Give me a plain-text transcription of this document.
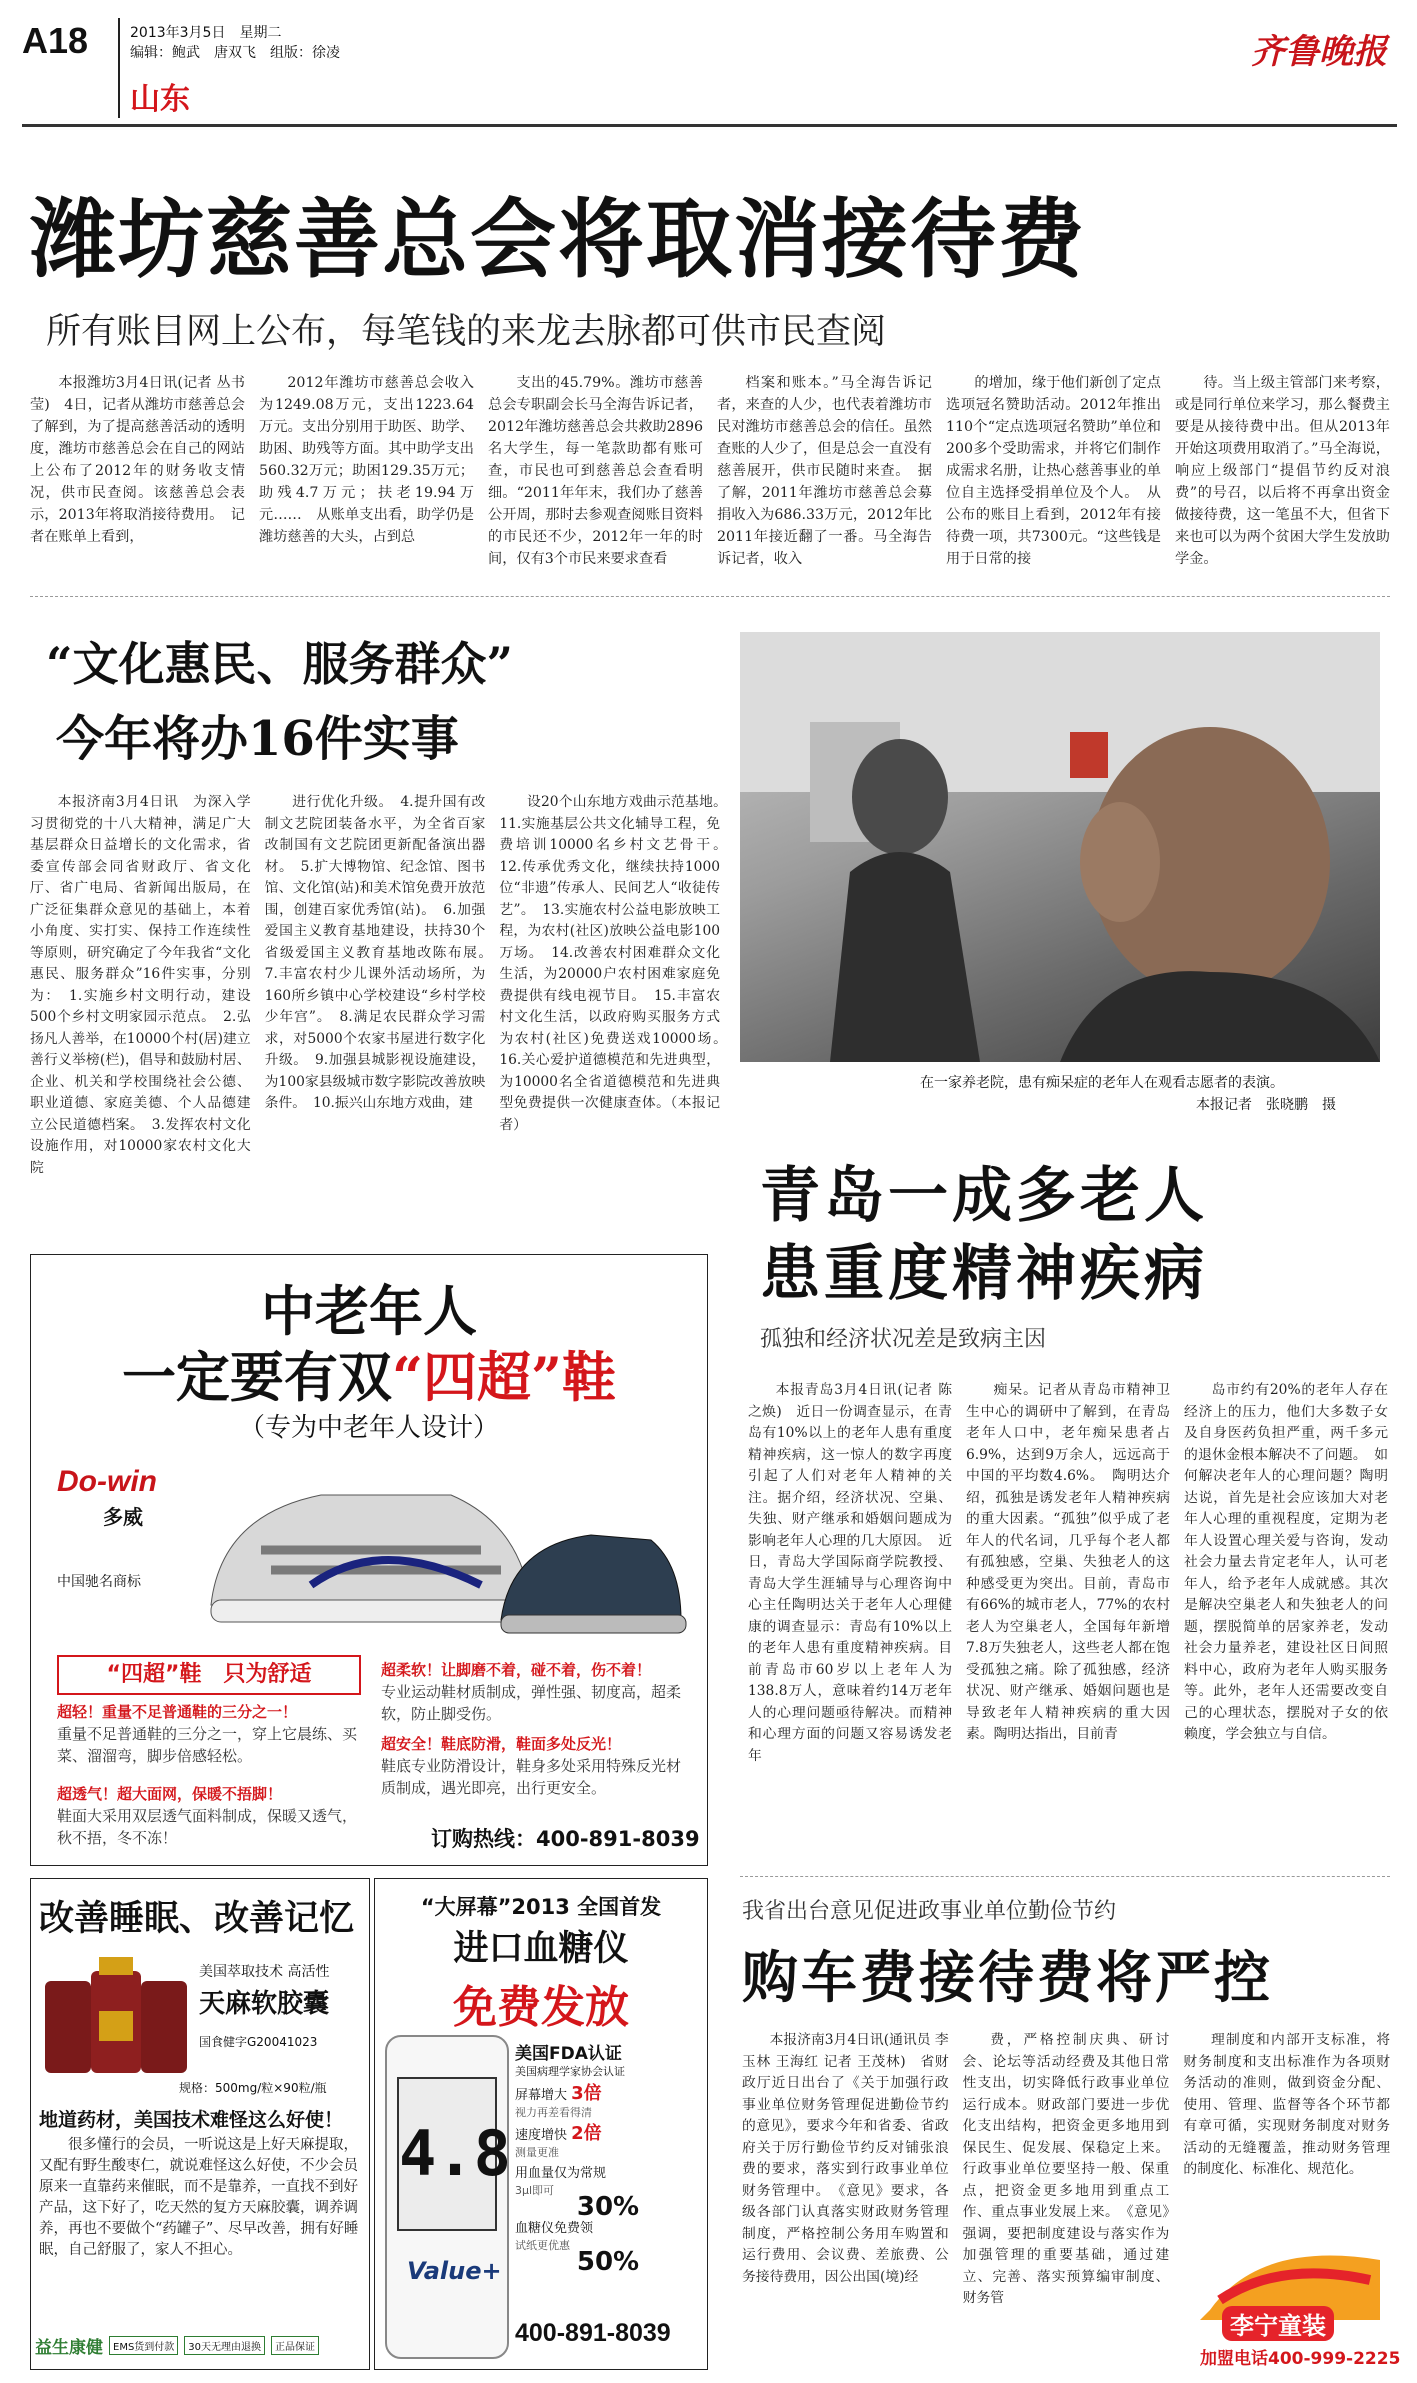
A18	2013年3月5日　星期二
编辑：鲍武　唐双飞　组版：徐凌
山东
齐鲁晚报
潍坊慈善总会将取消接待费
所有账目网上公布，每笔钱的来龙去脉都可供市民查阅

本报潍坊3月4日讯(记者 丛书莹)　4日，记者从潍坊市慈善总会了解到，为了提高慈善活动的透明度，潍坊市慈善总会在自己的网站上公布了2012年的财务收支情况，供市民查阅。该慈善总会表示，2013年将取消接待费用。　记者在账单上看到，

2012年潍坊市慈善总会收入为1249.08万元，支出1223.64万元。支出分别用于助医、助学、助困、助残等方面。其中助学支出560.32万元；助困129.35万元；助残4.7万元；扶老19.94万元……　从账单支出看，助学仍是潍坊慈善的大头，占到总

支出的45.79%。潍坊市慈善总会专职副会长马全海告诉记者，2012年潍坊慈善总会共救助2896名大学生，每一笔款助都有账可查，市民也可到慈善总会查看明细。“2011年年末，我们办了慈善公开周，那时去参观查阅账目资料的市民还不少，2012年一年的时间，仅有3个市民来要求查看

档案和账本。”马全海告诉记者，来查的人少，也代表着潍坊市民对潍坊市慈善总会的信任。虽然查账的人少了，但是总会一直没有慈善展开，供市民随时来查。　据了解，2011年潍坊市慈善总会募捐收入为686.33万元，2012年比2011年接近翻了一番。马全海告诉记者，收入

的增加，缘于他们新创了定点选项冠名赞助活动。2012年推出110个“定点选项冠名赞助”单位和200多个受助需求，并将它们制作成需求名册，让热心慈善事业的单位自主选择受捐单位及个人。　从公布的账目上看到，2012年有接待费一项，共7300元。“这些钱是用于日常的接

待。当上级主管部门来考察，或是同行单位来学习，那么餐费主要是从接待费中出。但从2013年开始这项费用取消了。”马全海说，响应上级部门“提倡节约反对浪费”的号召，以后将不再拿出资金做接待费，这一笔虽不大，但省下来也可以为两个贫困大学生发放助学金。

“文化惠民、服务群众”
今年将办16件实事

本报济南3月4日讯　为深入学习贯彻党的十八大精神，满足广大基层群众日益增长的文化需求，省委宣传部会同省财政厅、省文化厅、省广电局、省新闻出版局，在广泛征集群众意见的基础上，本着小角度、实打实、保持工作连续性等原则，研究确定了今年我省“文化惠民、服务群众”16件实事，分别为：　1.实施乡村文明行动，建设500个乡村文明家园示范点。　2.弘扬凡人善举，在10000个村(居)建立善行义举榜(栏)，倡导和鼓励村居、企业、机关和学校围绕社会公德、职业道德、家庭美德、个人品德建立公民道德档案。　3.发挥农村文化设施作用，对10000家农村文化大院

进行优化升级。　4.提升国有改制文艺院团装备水平，为全省百家改制国有文艺院团更新配备演出器材。　5.扩大博物馆、纪念馆、图书馆、文化馆(站)和美术馆免费开放范围，创建百家优秀馆(站)。　6.加强爱国主义教育基地建设，扶持30个省级爱国主义教育基地改陈布展。　7.丰富农村少儿课外活动场所，为160所乡镇中心学校建设“乡村学校少年宫”。　8.满足农民群众学习需求，对5000个农家书屋进行数字化升级。　9.加强县城影视设施建设，为100家县级城市数字影院改善放映条件。　10.振兴山东地方戏曲，建

设20个山东地方戏曲示范基地。　11.实施基层公共文化辅导工程，免费培训10000名乡村文艺骨干。　12.传承优秀文化，继续扶持1000位“非遗”传承人、民间艺人“收徒传艺”。　13.实施农村公益电影放映工程，为农村(社区)放映公益电影100万场。　14.改善农村困难群众文化生活，为20000户农村困难家庭免费提供有线电视节目。　15.丰富农村文化生活，以政府购买服务方式为农村(社区)免费送戏10000场。　16.关心爱护道德模范和先进典型，为10000名全省道德模范和先进典型免费提供一次健康查体。（本报记者）

在一家养老院，患有痴呆症的老年人在观看志愿者的表演。
本报记者　张晓鹏　摄
青岛一成多老人
患重度精神疾病
孤独和经济状况差是致病主因

本报青岛3月4日讯(记者 陈之焕)　近日一份调查显示，在青岛有10%以上的老年人患有重度精神疾病，这一惊人的数字再度引起了人们对老年人精神的关注。据介绍，经济状况、空巢、失独、财产继承和婚姻问题成为影响老年人心理的几大原因。　近日，青岛大学国际商学院教授、青岛大学生涯辅导与心理咨询中心主任陶明达关于老年人心理健康的调查显示：青岛有10%以上的老年人患有重度精神疾病。目前青岛市60岁以上老年人为138.8万人，意味着约14万老年人的心理问题亟待解决。而精神和心理方面的问题又容易诱发老年

痴呆。记者从青岛市精神卫生中心的调研中了解到，在青岛老年人口中，老年痴呆患者占6.9%，达到9万余人，远远高于中国的平均数4.6%。　陶明达介绍，孤独是诱发老年人精神疾病的重大因素。“孤独”似乎成了老年人的代名词，几乎每个老人都有孤独感，空巢、失独老人的这种感受更为突出。目前，青岛市有66%的城市老人，77%的农村老人为空巢老人，全国每年新增7.8万失独老人，这些老人都在饱受孤独之痛。除了孤独感，经济状况、财产继承、婚姻问题也是导致老年人精神疾病的重大因素。陶明达指出，目前青

岛市约有20%的老年人存在经济上的压力，他们大多数子女及自身医药负担严重，两千多元的退休金根本解决不了问题。　如何解决老年人的心理问题？陶明达说，首先是社会应该加大对老年人心理的重视程度，定期为老年人设置心理关爱与咨询，发动社会力量去肯定老年人，认可老年人，给予老年人成就感。其次是解决空巢老人和失独老人的问题，摆脱简单的居家养老，发动社会力量养老，建设社区日间照料中心，政府为老年人购买服务等。此外，老年人还需要改变自己的心理状态，摆脱对子女的依赖度，学会独立与自信。

我省出台意见促进政事业单位勤俭节约
购车费接待费将严控

本报济南3月4日讯(通讯员 李玉林 王海红 记者 王茂林)　省财政厅近日出台了《关于加强行政事业单位财务管理促进勤俭节约的意见》，要求今年和省委、省政府关于厉行勤俭节约反对铺张浪费的要求，落实到行政事业单位财务管理中。　《意见》要求，各级各部门认真落实财政财务管理制度，严格控制公务用车购置和运行费用、会议费、差旅费、公务接待费用，因公出国(境)经

费，严格控制庆典、研讨会、论坛等活动经费及其他日常性支出，切实降低行政事业单位运行成本。财政部门要进一步优化支出结构，把资金更多地用到保民生、促发展、保稳定上来。行政事业单位要坚持一般、保重点，把资金更多地用到重点工作、重点事业发展上来。　《意见》强调，要把制度建设与落实作为加强管理的重要基础，通过建立、完善、落实预算编审制度、财务管

理制度和内部开支标准，将财务制度和支出标准作为各项财务活动的准则，做到资金分配、使用、管理、监督等各个环节都有章可循，实现财务制度对财务活动的无缝覆盖，推动财务管理的制度化、标准化、规范化。

李宁童装
加盟电话400-999-2225
中老年人
一定要有双“四超”鞋
（专为中老年人设计）
Do-win
多威
中国驰名商标
“四超”鞋　只为舒适
超轻！重量不足普通鞋的三分之一！
重量不足普通鞋的三分之一，穿上它晨练、买菜、溜溜弯，脚步倍感轻松。
超透气！超大面网，保暖不捂脚！
鞋面大采用双层透气面料制成，保暖又透气，秋不捂，冬不冻！
超柔软！让脚磨不着，碰不着，伤不着！
专业运动鞋材质制成，弹性强、韧度高，超柔软，防止脚受伤。
超安全！鞋底防滑，鞋面多处反光！
鞋底专业防滑设计，鞋身多处采用特殊反光材质制成，遇光即亮，出行更安全。
订购热线：400-891-8039
改善睡眠、改善记忆
美国萃取技术 高活性
天麻软胶囊
国食健字G20041023
规格：500mg/粒×90粒/瓶
地道药材，美国技术难怪这么好使！
很多懂行的会员，一听说这是上好天麻提取，又配有野生酸枣仁，就说难怪这么好使，不少会员原来一直靠药来催眠，而不是靠养，一直找不到好产品，这下好了，吃天然的复方天麻胶囊，调养调养，再也不要做个“药罐子”、尽早改善，拥有好睡眠，自己舒服了，家人不担心。
益生康健	EMS货到付款	30天无理由退换	正品保证
“大屏幕”2013 全国首发
进口血糖仪
免费发放
4.8
Value+
美国FDA认证
美国病理学家协会认证
屏幕增大 3倍
视力再差看得清
速度增快 2倍
测量更准
用血量仅为常规
3μl即可
30%
血糖仪免费领
试纸更优惠
50%
400-891-8039
